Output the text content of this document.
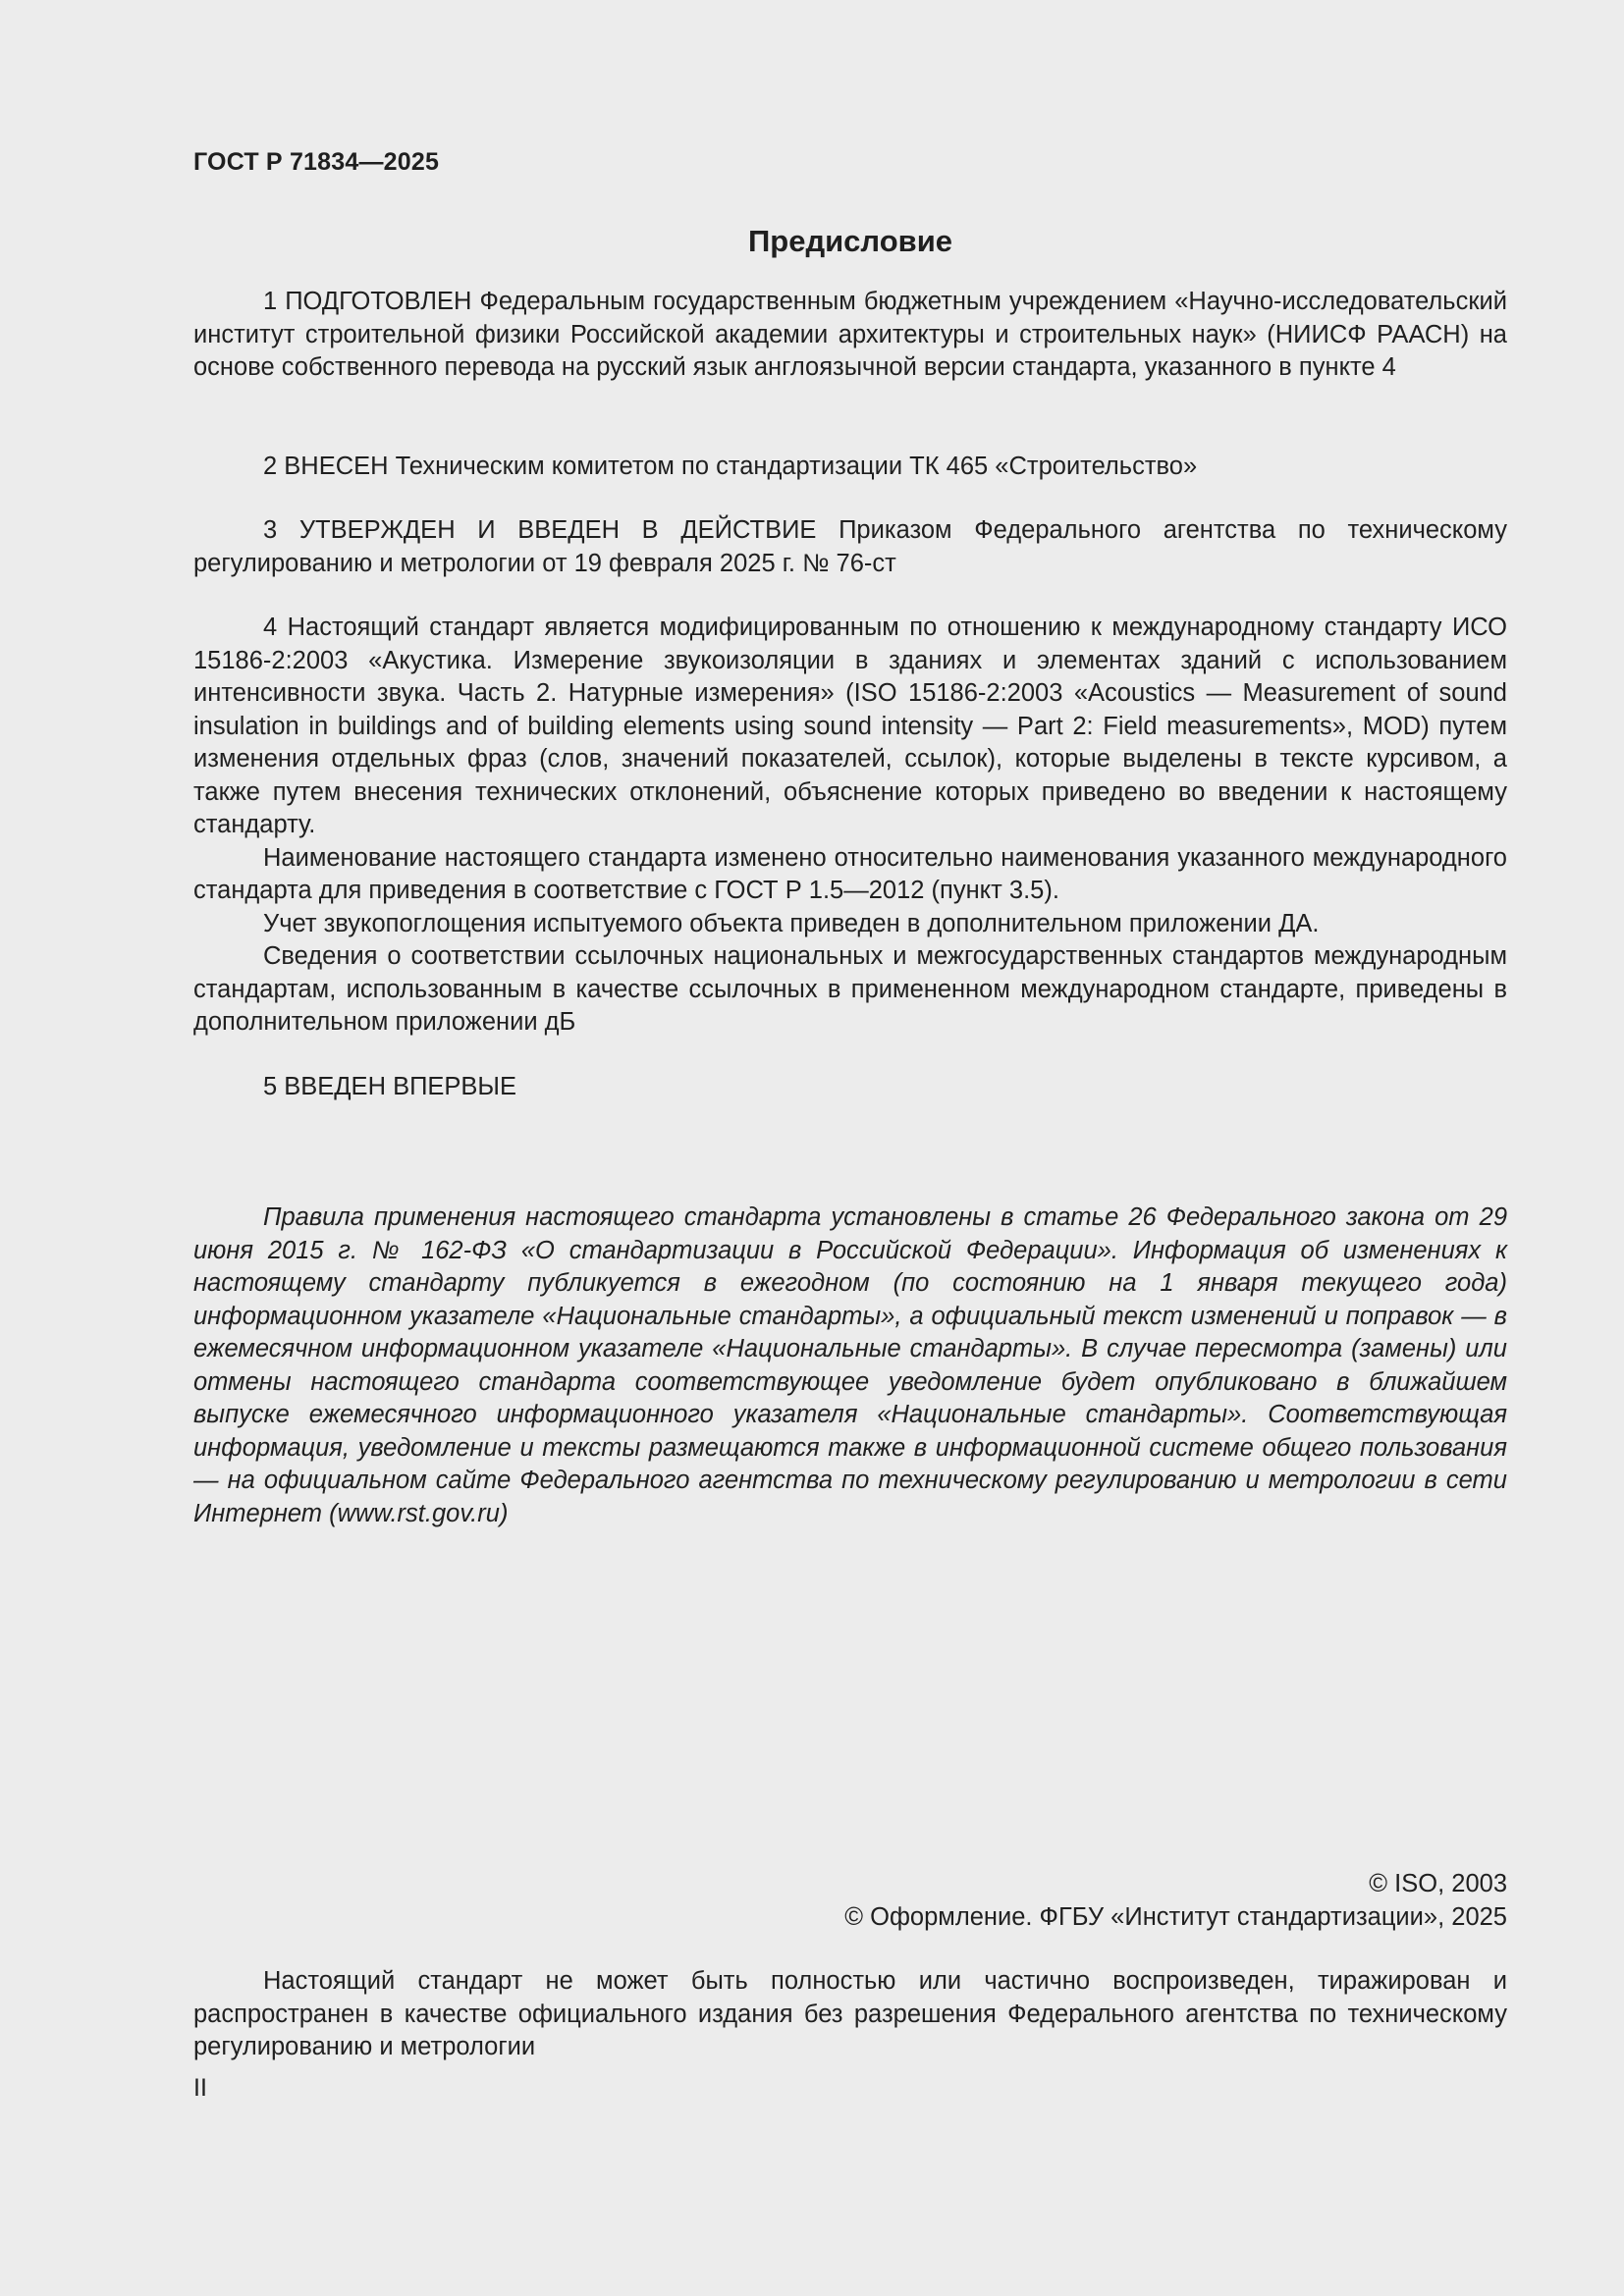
ГОСТ Р 71834—2025
Предисловие

1 ПОДГОТОВЛЕН Федеральным государственным бюджетным учреждением «Научно-исследовательский институт строительной физики Российской академии архитектуры и строительных наук» (НИИСФ РААСН) на основе собственного перевода на русский язык англоязычной версии стандарта, указанного в пункте 4

2 ВНЕСЕН Техническим комитетом по стандартизации ТК 465 «Строительство»

3 УТВЕРЖДЕН И ВВЕДЕН В ДЕЙСТВИЕ Приказом Федерального агентства по техническому регулированию и метрологии от 19 февраля 2025 г. № 76-ст

4 Настоящий стандарт является модифицированным по отношению к международному стандарту ИСО 15186-2:2003 «Акустика. Измерение звукоизоляции в зданиях и элементах зданий с использованием интенсивности звука. Часть 2. Натурные измерения» (ISO 15186-2:2003 «Acoustics — Measurement of sound insulation in buildings and of building elements using sound intensity — Part 2: Field measurements», MOD) путем изменения отдельных фраз (слов, значений показателей, ссылок), которые выделены в тексте курсивом, а также путем внесения технических отклонений, объяснение которых приведено во введении к настоящему стандарту.

Наименование настоящего стандарта изменено относительно наименования указанного международного стандарта для приведения в соответствие с ГОСТ Р 1.5—2012 (пункт 3.5).

Учет звукопоглощения испытуемого объекта приведен в дополнительном приложении ДА.

Сведения о соответствии ссылочных национальных и межгосударственных стандартов международным стандартам, использованным в качестве ссылочных в примененном международном стандарте, приведены в дополнительном приложении дБ

5 ВВЕДЕН ВПЕРВЫЕ

Правила применения настоящего стандарта установлены в статье 26 Федерального закона от 29 июня 2015 г. № 162-ФЗ «О стандартизации в Российской Федерации». Информация об изменениях к настоящему стандарту публикуется в ежегодном (по состоянию на 1 января текущего года) информационном указателе «Национальные стандарты», а официальный текст изменений и поправок — в ежемесячном информационном указателе «Национальные стандарты». В случае пересмотра (замены) или отмены настоящего стандарта соответствующее уведомление будет опубликовано в ближайшем выпуске ежемесячного информационного указателя «Национальные стандарты». Соответствующая информация, уведомление и тексты размещаются также в информационной системе общего пользования — на официальном сайте Федерального агентства по техническому регулированию и метрологии в сети Интернет (www.rst.gov.ru)

© ISO, 2003

© Оформление. ФГБУ «Институт стандартизации», 2025

Настоящий стандарт не может быть полностью или частично воспроизведен, тиражирован и распространен в качестве официального издания без разрешения Федерального агентства по техническому регулированию и метрологии

II
